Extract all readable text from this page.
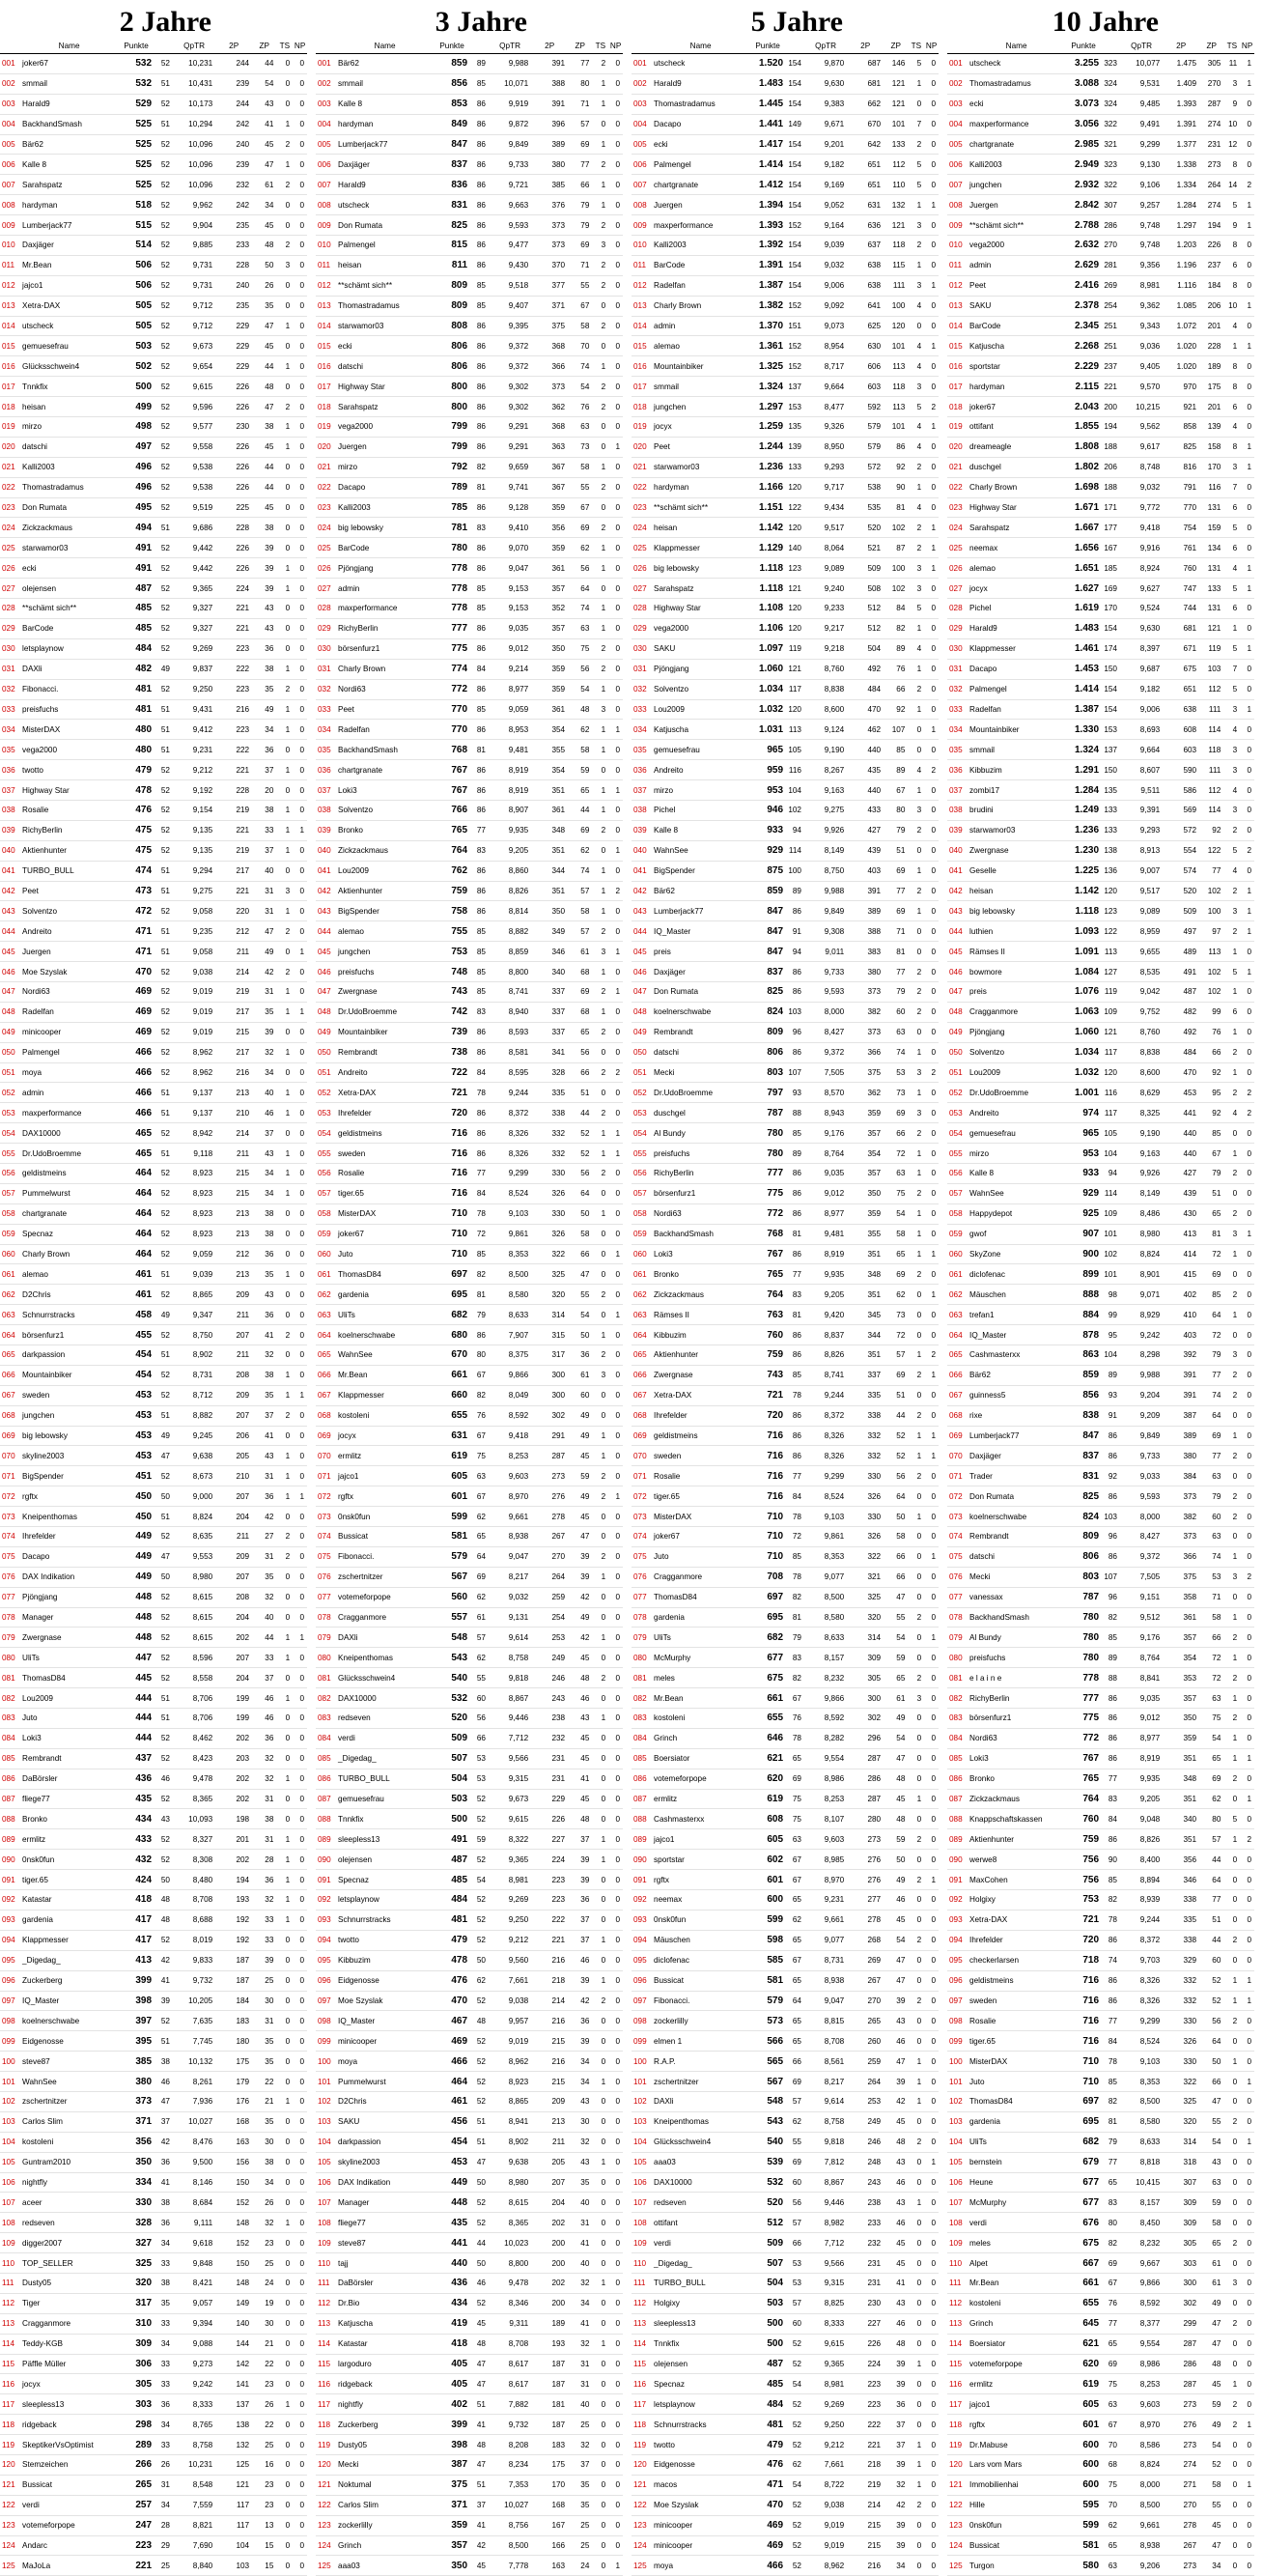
2 Jahre
	Name	Punkte		QpTR	2P	ZP	TS	NP
001	joker67	532	52	10,231	244	44	0	0
002	smmail	532	51	10,431	239	54	0	0
003	Harald9	529	52	10,173	244	43	0	0
004	BackhandSmash	525	51	10,294	242	41	1	0
005	Bär62	525	52	10,096	240	45	2	0
006	Kalle 8	525	52	10,096	239	47	1	0
007	Sarahspatz	525	52	10,096	232	61	2	0
008	hardyman	518	52	9,962	242	34	0	0
009	Lumberjack77	515	52	9,904	235	45	0	0
010	Daxjäger	514	52	9,885	233	48	2	0
011	Mr.Bean	506	52	9,731	228	50	3	0
012	jajco1	506	52	9,731	240	26	0	0
013	Xetra-DAX	505	52	9,712	235	35	0	0
014	utscheck	505	52	9,712	229	47	1	0
015	gemuesefrau	503	52	9,673	229	45	0	0
016	Glücksschwein4	502	52	9,654	229	44	1	0
017	Tnnkfix	500	52	9,615	226	48	0	0
018	heisan	499	52	9,596	226	47	2	0
019	mirzo	498	52	9,577	230	38	1	0
020	datschi	497	52	9,558	226	45	1	0
021	Kalli2003	496	52	9,538	226	44	0	0
022	Thomastradamus	496	52	9,538	226	44	0	0
023	Don Rumata	495	52	9,519	225	45	0	0
024	Zickzackmaus	494	51	9,686	228	38	0	0
025	starwamor03	491	52	9,442	226	39	0	0
026	ecki	491	52	9,442	226	39	1	0
027	olejensen	487	52	9,365	224	39	1	0
028	**schämt sich**	485	52	9,327	221	43	0	0
029	BarCode	485	52	9,327	221	43	0	0
030	letsplaynow	484	52	9,269	223	36	0	0
031	DAXli	482	49	9,837	222	38	1	0
032	Fibonacci.	481	52	9,250	223	35	2	0
033	preisfuchs	481	51	9,431	216	49	1	0
034	MisterDAX	480	51	9,412	223	34	1	0
035	vega2000	480	51	9,231	222	36	0	0
036	twotto	479	52	9,212	221	37	1	0
037	Highway Star	478	52	9,192	228	20	0	0
038	Rosalie	476	52	9,154	219	38	1	0
039	RichyBerlin	475	52	9,135	221	33	1	1
040	Aktienhunter	475	52	9,135	219	37	1	0
041	TURBO_BULL	474	51	9,294	217	40	0	0
042	Peet	473	51	9,275	221	31	3	0
043	Solventzo	472	52	9,058	220	31	1	0
044	Andreito	471	51	9,235	212	47	2	0
045	Juergen	471	51	9,058	211	49	0	1
046	Moe Szyslak	470	52	9,038	214	42	2	0
047	Nordi63	469	52	9,019	219	31	1	0
048	Radelfan	469	52	9,019	217	35	1	1
049	minicooper	469	52	9,019	215	39	0	0
050	Palmengel	466	52	8,962	217	32	1	0
051	moya	466	52	8,962	216	34	0	0
052	admin	466	51	9,137	213	40	1	0
053	maxperformance	466	51	9,137	210	46	1	0
054	DAX10000	465	52	8,942	214	37	0	0
055	Dr.UdoBroemme	465	51	9,118	211	43	1	0
056	geldistmeins	464	52	8,923	215	34	1	0
057	Pummelwurst	464	52	8,923	215	34	1	0
058	chartgranate	464	52	8,923	213	38	0	0
059	Specnaz	464	52	8,923	213	38	0	0
060	Charly Brown	464	52	9,059	212	36	0	0
061	alemao	461	51	9,039	213	35	1	0
062	D2Chris	461	52	8,865	209	43	0	0
063	Schnurrstracks	458	49	9,347	211	36	0	0
064	börsenfurz1	455	52	8,750	207	41	2	0
065	darkpassion	454	51	8,902	211	32	0	0
066	Mountainbiker	454	52	8,731	208	38	1	0
067	sweden	453	52	8,712	209	35	1	1
068	jungchen	453	51	8,882	207	37	2	0
069	big lebowsky	453	49	9,245	206	41	0	0
070	skyline2003	453	47	9,638	205	43	1	0
071	BigSpender	451	52	8,673	210	31	1	0
072	rgftx	450	50	9,000	207	36	1	1
073	Kneipenthomas	450	51	8,824	204	42	0	0
074	Ihrefelder	449	52	8,635	211	27	2	0
075	Dacapo	449	47	9,553	209	31	2	0
076	DAX Indikation	449	50	8,980	207	35	0	0
077	Pjöngjang	448	52	8,615	208	32	0	0
078	Manager	448	52	8,615	204	40	0	0
079	Zwergnase	448	52	8,615	202	44	1	1
080	UliTs	447	52	8,596	207	33	1	0
081	ThomasD84	445	52	8,558	204	37	0	0
082	Lou2009	444	51	8,706	199	46	1	0
083	Juto	444	51	8,706	199	46	0	0
084	Loki3	444	52	8,462	202	36	0	0
085	Rembrandt	437	52	8,423	203	32	0	0
086	DaBörsler	436	46	9,478	202	32	1	0
087	fliege77	435	52	8,365	202	31	0	0
088	Bronko	434	43	10,093	198	38	0	0
089	ermlitz	433	52	8,327	201	31	1	0
090	0nsk0fun	432	52	8,308	202	28	1	0
091	tiger.65	424	50	8,480	194	36	1	0
092	Katastar	418	48	8,708	193	32	1	0
093	gardenia	417	48	8,688	192	33	1	0
094	Klappmesser	417	52	8,019	192	33	0	0
095	_Digedag_	413	42	9,833	187	39	0	0
096	Zuckerberg	399	41	9,732	187	25	0	0
097	IQ_Master	398	39	10,205	184	30	0	0
098	koelnerschwabe	397	52	7,635	183	31	0	0
099	Eidgenosse	395	51	7,745	180	35	0	0
100	steve87	385	38	10,132	175	35	0	0
101	WahnSee	380	46	8,261	179	22	0	0
102	zschertnitzer	373	47	7,936	176	21	1	0
103	Carlos Slim	371	37	10,027	168	35	0	0
104	kostoleni	356	42	8,476	163	30	0	0
105	Guntram2010	350	36	9,500	156	38	0	0
106	nightfly	334	41	8,146	150	34	0	0
107	aceer	330	38	8,684	152	26	0	0
108	redseven	328	36	9,111	148	32	1	0
109	digger2007	327	34	9,618	152	23	0	0
110	TOP_SELLER	325	33	9,848	150	25	0	0
111	Dusty05	320	38	8,421	148	24	0	0
112	Tiger	317	35	9,057	149	19	0	0
113	Cragganmore	310	33	9,394	140	30	0	0
114	Teddy-KGB	309	34	9,088	144	21	0	0
115	Päffle Müller	306	33	9,273	142	22	0	0
116	jocyx	305	33	9,242	141	23	0	0
117	sleepless13	303	36	8,333	137	26	1	0
118	ridgeback	298	34	8,765	138	22	0	0
119	SkeptikerVsOptimist	289	33	8,758	132	25	0	0
120	Stemzeichen	266	26	10,231	125	16	0	0
121	Bussicat	265	31	8,548	121	23	0	0
122	verdi	257	34	7,559	117	23	0	0
123	votemeforpope	247	28	8,821	117	13	0	0
124	Andarc	223	29	7,690	104	15	0	0
125	MaJoLa	221	25	8,840	103	15	0	0
3 Jahre
	Name	Punkte		QpTR	2P	ZP	TS	NP
001	Bär62	859	89	9,988	391	77	2	0
002	smmail	856	85	10,071	388	80	1	0
003	Kalle 8	853	86	9,919	391	71	1	0
004	hardyman	849	86	9,872	396	57	0	0
005	Lumberjack77	847	86	9,849	389	69	1	0
006	Daxjäger	837	86	9,733	380	77	2	0
007	Harald9	836	86	9,721	385	66	1	0
008	utscheck	831	86	9,663	376	79	1	0
009	Don Rumata	825	86	9,593	373	79	2	0
010	Palmengel	815	86	9,477	373	69	3	0
011	heisan	811	86	9,430	370	71	2	0
012	**schämt sich**	809	85	9,518	377	55	2	0
013	Thomastradamus	809	85	9,407	371	67	0	0
014	starwamor03	808	86	9,395	375	58	2	0
015	ecki	806	86	9,372	368	70	0	0
016	datschi	806	86	9,372	366	74	1	0
017	Highway Star	800	86	9,302	373	54	2	0
018	Sarahspatz	800	86	9,302	362	76	2	0
019	vega2000	799	86	9,291	368	63	0	0
020	Juergen	799	86	9,291	363	73	0	1
021	mirzo	792	82	9,659	367	58	1	0
022	Dacapo	789	81	9,741	367	55	2	0
023	Kalli2003	785	86	9,128	359	67	0	0
024	big lebowsky	781	83	9,410	356	69	2	0
025	BarCode	780	86	9,070	359	62	1	0
026	Pjöngjang	778	86	9,047	361	56	1	0
027	admin	778	85	9,153	357	64	0	0
028	maxperformance	778	85	9,153	352	74	1	0
029	RichyBerlin	777	86	9,035	357	63	1	0
030	börsenfurz1	775	86	9,012	350	75	2	0
031	Charly Brown	774	84	9,214	359	56	2	0
032	Nordi63	772	86	8,977	359	54	1	0
033	Peet	770	85	9,059	361	48	3	0
034	Radelfan	770	86	8,953	354	62	1	1
035	BackhandSmash	768	81	9,481	355	58	1	0
036	chartgranate	767	86	8,919	354	59	0	0
037	Loki3	767	86	8,919	351	65	1	1
038	Solventzo	766	86	8,907	361	44	1	0
039	Bronko	765	77	9,935	348	69	2	0
040	Zickzackmaus	764	83	9,205	351	62	0	1
041	Lou2009	762	86	8,860	344	74	1	0
042	Aktienhunter	759	86	8,826	351	57	1	2
043	BigSpender	758	86	8,814	350	58	1	0
044	alemao	755	85	8,882	349	57	2	0
045	jungchen	753	85	8,859	346	61	3	1
046	preisfuchs	748	85	8,800	340	68	1	0
047	Zwergnase	743	85	8,741	337	69	2	1
048	Dr.UdoBroemme	742	83	8,940	337	68	1	0
049	Mountainbiker	739	86	8,593	337	65	2	0
050	Rembrandt	738	86	8,581	341	56	0	0
051	Andreito	722	84	8,595	328	66	2	2
052	Xetra-DAX	721	78	9,244	335	51	0	0
053	Ihrefelder	720	86	8,372	338	44	2	0
054	geldistmeins	716	86	8,326	332	52	1	1
055	sweden	716	86	8,326	332	52	1	1
056	Rosalie	716	77	9,299	330	56	2	0
057	tiger.65	716	84	8,524	326	64	0	0
058	MisterDAX	710	78	9,103	330	50	1	0
059	joker67	710	72	9,861	326	58	0	0
060	Juto	710	85	8,353	322	66	0	1
061	ThomasD84	697	82	8,500	325	47	0	0
062	gardenia	695	81	8,580	320	55	2	0
063	UliTs	682	79	8,633	314	54	0	1
064	koelnerschwabe	680	86	7,907	315	50	1	0
065	WahnSee	670	80	8,375	317	36	2	0
066	Mr.Bean	661	67	9,866	300	61	3	0
067	Klappmesser	660	82	8,049	300	60	0	0
068	kostoleni	655	76	8,592	302	49	0	0
069	jocyx	631	67	9,418	291	49	1	0
070	ermlitz	619	75	8,253	287	45	1	0
071	jajco1	605	63	9,603	273	59	2	0
072	rgftx	601	67	8,970	276	49	2	1
073	0nsk0fun	599	62	9,661	278	45	0	0
074	Bussicat	581	65	8,938	267	47	0	0
075	Fibonacci.	579	64	9,047	270	39	2	0
076	zschertnitzer	567	69	8,217	264	39	1	0
077	votemeforpope	560	62	9,032	259	42	0	0
078	Cragganmore	557	61	9,131	254	49	0	0
079	DAXli	548	57	9,614	253	42	1	0
080	Kneipenthomas	543	62	8,758	249	45	0	0
081	Glücksschwein4	540	55	9,818	246	48	2	0
082	DAX10000	532	60	8,867	243	46	0	0
083	redseven	520	56	9,446	238	43	1	0
084	verdi	509	66	7,712	232	45	0	0
085	_Digedag_	507	53	9,566	231	45	0	0
086	TURBO_BULL	504	53	9,315	231	41	0	0
087	gemuesefrau	503	52	9,673	229	45	0	0
088	Tnnkfix	500	52	9,615	226	48	0	0
089	sleepless13	491	59	8,322	227	37	1	0
090	olejensen	487	52	9,365	224	39	1	0
091	Specnaz	485	54	8,981	223	39	0	0
092	letsplaynow	484	52	9,269	223	36	0	0
093	Schnurrstracks	481	52	9,250	222	37	0	0
094	twotto	479	52	9,212	221	37	1	0
095	Kibbuzim	478	50	9,560	216	46	0	0
096	Eidgenosse	476	62	7,661	218	39	1	0
097	Moe Szyslak	470	52	9,038	214	42	2	0
098	IQ_Master	467	48	9,957	216	36	0	0
099	minicooper	469	52	9,019	215	39	0	0
100	moya	466	52	8,962	216	34	0	0
101	Pummelwurst	464	52	8,923	215	34	1	0
102	D2Chris	461	52	8,865	209	43	0	0
103	SAKU	456	51	8,941	213	30	0	0
104	darkpassion	454	51	8,902	211	32	0	0
105	skyline2003	453	47	9,638	205	43	1	0
106	DAX Indikation	449	50	8,980	207	35	0	0
107	Manager	448	52	8,615	204	40	0	0
108	fliege77	435	52	8,365	202	31	0	0
109	steve87	441	44	10,023	200	41	0	0
110	tajj	440	50	8,800	200	40	0	0
111	DaBörsler	436	46	9,478	202	32	1	0
112	Dr.Bio	434	52	8,346	200	34	0	0
113	Katjuscha	419	45	9,311	189	41	0	0
114	Katastar	418	48	8,708	193	32	1	0
115	largoduro	405	47	8,617	187	31	0	0
116	ridgeback	405	47	8,617	187	31	0	0
117	nightfly	402	51	7,882	181	40	0	0
118	Zuckerberg	399	41	9,732	187	25	0	0
119	Dusty05	398	48	8,208	183	32	0	0
120	Mecki	387	47	8,234	175	37	0	0
121	Noktumal	375	51	7,353	170	35	0	0
122	Carlos Slim	371	37	10,027	168	35	0	0
123	zockerlilly	359	41	8,756	167	25	0	0
124	Grinch	357	42	8,500	166	25	0	0
125	aaa03	350	45	7,778	163	24	0	1
5 Jahre
	Name	Punkte		QpTR	2P	ZP	TS	NP
001	utscheck	1.520	154	9,870	687	146	5	0
002	Harald9	1.483	154	9,630	681	121	1	0
003	Thomastradamus	1.445	154	9,383	662	121	0	0
004	Dacapo	1.441	149	9,671	670	101	7	0
005	ecki	1.417	154	9,201	642	133	2	0
006	Palmengel	1.414	154	9,182	651	112	5	0
007	chartgranate	1.412	154	9,169	651	110	5	0
008	Juergen	1.394	154	9,052	631	132	1	1
009	maxperformance	1.393	152	9,164	636	121	3	0
010	Kalli2003	1.392	154	9,039	637	118	2	0
011	BarCode	1.391	154	9,032	638	115	1	0
012	Radelfan	1.387	154	9,006	638	111	3	1
013	Charly Brown	1.382	152	9,092	641	100	4	0
014	admin	1.370	151	9,073	625	120	0	0
015	alemao	1.361	152	8,954	630	101	4	1
016	Mountainbiker	1.325	152	8,717	606	113	4	0
017	smmail	1.324	137	9,664	603	118	3	0
018	jungchen	1.297	153	8,477	592	113	5	2
019	jocyx	1.259	135	9,326	579	101	4	1
020	Peet	1.244	139	8,950	579	86	4	0
021	starwamor03	1.236	133	9,293	572	92	2	0
022	hardyman	1.166	120	9,717	538	90	1	0
023	**schämt sich**	1.151	122	9,434	535	81	4	0
024	heisan	1.142	120	9,517	520	102	2	1
025	Klappmesser	1.129	140	8,064	521	87	2	1
026	big lebowsky	1.118	123	9,089	509	100	3	1
027	Sarahspatz	1.118	121	9,240	508	102	3	0
028	Highway Star	1.108	120	9,233	512	84	5	0
029	vega2000	1.106	120	9,217	512	82	1	0
030	SAKU	1.097	119	9,218	504	89	4	0
031	Pjöngjang	1.060	121	8,760	492	76	1	0
032	Solventzo	1.034	117	8,838	484	66	2	0
033	Lou2009	1.032	120	8,600	470	92	1	0
034	Katjuscha	1.031	113	9,124	462	107	0	1
035	gemuesefrau	965	105	9,190	440	85	0	0
036	Andreito	959	116	8,267	435	89	4	2
037	mirzo	953	104	9,163	440	67	1	0
038	Pichel	946	102	9,275	433	80	3	0
039	Kalle 8	933	94	9,926	427	79	2	0
040	WahnSee	929	114	8,149	439	51	0	0
041	BigSpender	875	100	8,750	403	69	1	0
042	Bär62	859	89	9,988	391	77	2	0
043	Lumberjack77	847	86	9,849	389	69	1	0
044	IQ_Master	847	91	9,308	388	71	0	0
045	preis	847	94	9,011	383	81	0	0
046	Daxjäger	837	86	9,733	380	77	2	0
047	Don Rumata	825	86	9,593	373	79	2	0
048	koelnerschwabe	824	103	8,000	382	60	2	0
049	Rembrandt	809	96	8,427	373	63	0	0
050	datschi	806	86	9,372	366	74	1	0
051	Mecki	803	107	7,505	375	53	3	2
052	Dr.UdoBroemme	797	93	8,570	362	73	1	0
053	duschgel	787	88	8,943	359	69	3	0
054	Al Bundy	780	85	9,176	357	66	2	0
055	preisfuchs	780	89	8,764	354	72	1	0
056	RichyBerlin	777	86	9,035	357	63	1	0
057	börsenfurz1	775	86	9,012	350	75	2	0
058	Nordi63	772	86	8,977	359	54	1	0
059	BackhandSmash	768	81	9,481	355	58	1	0
060	Loki3	767	86	8,919	351	65	1	1
061	Bronko	765	77	9,935	348	69	2	0
062	Zickzackmaus	764	83	9,205	351	62	0	1
063	Rämses II	763	81	9,420	345	73	0	0
064	Kibbuzim	760	86	8,837	344	72	0	0
065	Aktienhunter	759	86	8,826	351	57	1	2
066	Zwergnase	743	85	8,741	337	69	2	1
067	Xetra-DAX	721	78	9,244	335	51	0	0
068	Ihrefelder	720	86	8,372	338	44	2	0
069	geldistmeins	716	86	8,326	332	52	1	1
070	sweden	716	86	8,326	332	52	1	1
071	Rosalie	716	77	9,299	330	56	2	0
072	tiger.65	716	84	8,524	326	64	0	0
073	MisterDAX	710	78	9,103	330	50	1	0
074	joker67	710	72	9,861	326	58	0	0
075	Juto	710	85	8,353	322	66	0	1
076	Cragganmore	708	78	9,077	321	66	0	0
077	ThomasD84	697	82	8,500	325	47	0	0
078	gardenia	695	81	8,580	320	55	2	0
079	UliTs	682	79	8,633	314	54	0	1
080	McMurphy	677	83	8,157	309	59	0	0
081	meles	675	82	8,232	305	65	2	0
082	Mr.Bean	661	67	9,866	300	61	3	0
083	kostoleni	655	76	8,592	302	49	0	0
084	Grinch	646	78	8,282	296	54	0	0
085	Boersiator	621	65	9,554	287	47	0	0
086	votemeforpope	620	69	8,986	286	48	0	0
087	ermlitz	619	75	8,253	287	45	1	0
088	Cashmasterxx	608	75	8,107	280	48	0	0
089	jajco1	605	63	9,603	273	59	2	0
090	sportstar	602	67	8,985	276	50	0	0
091	rgftx	601	67	8,970	276	49	2	1
092	neemax	600	65	9,231	277	46	0	0
093	0nsk0fun	599	62	9,661	278	45	0	0
094	Mäuschen	598	65	9,077	268	54	2	0
095	diclofenac	585	67	8,731	269	47	0	0
096	Bussicat	581	65	8,938	267	47	0	0
097	Fibonacci.	579	64	9,047	270	39	2	0
098	zockerlilly	573	65	8,815	265	43	0	0
099	elmen 1	566	65	8,708	260	46	0	0
100	R.A.P.	565	66	8,561	259	47	1	0
101	zschertnitzer	567	69	8,217	264	39	1	0
102	DAXli	548	57	9,614	253	42	1	0
103	Kneipenthomas	543	62	8,758	249	45	0	0
104	Glücksschwein4	540	55	9,818	246	48	2	0
105	aaa03	539	69	7,812	248	43	0	1
106	DAX10000	532	60	8,867	243	46	0	0
107	redseven	520	56	9,446	238	43	1	0
108	ottifant	512	57	8,982	233	46	0	0
109	verdi	509	66	7,712	232	45	0	0
110	_Digedag_	507	53	9,566	231	45	0	0
111	TURBO_BULL	504	53	9,315	231	41	0	0
112	Holgixy	503	57	8,825	230	43	0	0
113	sleepless13	500	60	8,333	227	46	0	0
114	Tnnkfix	500	52	9,615	226	48	0	0
115	olejensen	487	52	9,365	224	39	1	0
116	Specnaz	485	54	8,981	223	39	0	0
117	letsplaynow	484	52	9,269	223	36	0	0
118	Schnurrstracks	481	52	9,250	222	37	0	0
119	twotto	479	52	9,212	221	37	1	0
120	Eidgenosse	476	62	7,661	218	39	1	0
121	macos	471	54	8,722	219	32	1	0
122	Moe Szyslak	470	52	9,038	214	42	2	0
123	minicooper	469	52	9,019	215	39	0	0
124	minicooper	469	52	9,019	215	39	0	0
125	moya	466	52	8,962	216	34	0	0
10 Jahre
	Name	Punkte		QpTR	2P	ZP	TS	NP
001	utscheck	3.255	323	10,077	1.475	305	11	1
002	Thomastradamus	3.088	324	9,531	1.409	270	3	1
003	ecki	3.073	324	9,485	1.393	287	9	0
004	maxperformance	3.056	322	9,491	1.391	274	10	0
005	chartgranate	2.985	321	9,299	1.377	231	12	0
006	Kalli2003	2.949	323	9,130	1.338	273	8	0
007	jungchen	2.932	322	9,106	1.334	264	14	2
008	Juergen	2.842	307	9,257	1.284	274	5	1
009	**schämt sich**	2.788	286	9,748	1.297	194	9	1
010	vega2000	2.632	270	9,748	1.203	226	8	0
011	admin	2.629	281	9,356	1.196	237	6	0
012	Peet	2.416	269	8,981	1.116	184	8	0
013	SAKU	2.378	254	9,362	1.085	206	10	1
014	BarCode	2.345	251	9,343	1.072	201	4	0
015	Katjuscha	2.268	251	9,036	1.020	228	1	1
016	sportstar	2.229	237	9,405	1.020	189	8	0
017	hardyman	2.115	221	9,570	970	175	8	0
018	joker67	2.043	200	10,215	921	201	6	0
019	ottifant	1.855	194	9,562	858	139	4	0
020	dreameagle	1.808	188	9,617	825	158	8	1
021	duschgel	1.802	206	8,748	816	170	3	1
022	Charly Brown	1.698	188	9,032	791	116	7	0
023	Highway Star	1.671	171	9,772	770	131	6	0
024	Sarahspatz	1.667	177	9,418	754	159	5	0
025	neemax	1.656	167	9,916	761	134	6	0
026	alemao	1.651	185	8,924	760	131	4	1
027	jocyx	1.627	169	9,627	747	133	5	1
028	Pichel	1.619	170	9,524	744	131	6	0
029	Harald9	1.483	154	9,630	681	121	1	0
030	Klappmesser	1.461	174	8,397	671	119	5	1
031	Dacapo	1.453	150	9,687	675	103	7	0
032	Palmengel	1.414	154	9,182	651	112	5	0
033	Radelfan	1.387	154	9,006	638	111	3	1
034	Mountainbiker	1.330	153	8,693	608	114	4	0
035	smmail	1.324	137	9,664	603	118	3	0
036	Kibbuzim	1.291	150	8,607	590	111	3	0
037	zombi17	1.284	135	9,511	586	112	4	0
038	brudini	1.249	133	9,391	569	114	3	0
039	starwamor03	1.236	133	9,293	572	92	2	0
040	Zwergnase	1.230	138	8,913	554	122	5	2
041	Geselle	1.225	136	9,007	574	77	4	0
042	heisan	1.142	120	9,517	520	102	2	1
043	big lebowsky	1.118	123	9,089	509	100	3	1
044	luthien	1.093	122	8,959	497	97	2	1
045	Rämses II	1.091	113	9,655	489	113	1	0
046	bowmore	1.084	127	8,535	491	102	5	1
047	preis	1.076	119	9,042	487	102	1	0
048	Cragganmore	1.063	109	9,752	482	99	6	0
049	Pjöngjang	1.060	121	8,760	492	76	1	0
050	Solventzo	1.034	117	8,838	484	66	2	0
051	Lou2009	1.032	120	8,600	470	92	1	0
052	Dr.UdoBroemme	1.001	116	8,629	453	95	2	2
053	Andreito	974	117	8,325	441	92	4	2
054	gemuesefrau	965	105	9,190	440	85	0	0
055	mirzo	953	104	9,163	440	67	1	0
056	Kalle 8	933	94	9,926	427	79	2	0
057	WahnSee	929	114	8,149	439	51	0	0
058	Happydepot	925	109	8,486	430	65	2	0
059	gwof	907	101	8,980	413	81	3	1
060	SkyZone	900	102	8,824	414	72	1	0
061	diclofenac	899	101	8,901	415	69	0	0
062	Mäuschen	888	98	9,071	402	85	2	0
063	trefan1	884	99	8,929	410	64	1	0
064	IQ_Master	878	95	9,242	403	72	0	0
065	Cashmasterxx	863	104	8,298	392	79	3	0
066	Bär62	859	89	9,988	391	77	2	0
067	guinness5	856	93	9,204	391	74	2	0
068	rixe	838	91	9,209	387	64	0	0
069	Lumberjack77	847	86	9,849	389	69	1	0
070	Daxjäger	837	86	9,733	380	77	2	0
071	Trader	831	92	9,033	384	63	0	0
072	Don Rumata	825	86	9,593	373	79	2	0
073	koelnerschwabe	824	103	8,000	382	60	2	0
074	Rembrandt	809	96	8,427	373	63	0	0
075	datschi	806	86	9,372	366	74	1	0
076	Mecki	803	107	7,505	375	53	3	2
077	vanessax	787	96	9,151	358	71	0	0
078	BackhandSmash	780	82	9,512	361	58	1	0
079	Al Bundy	780	85	9,176	357	66	2	0
080	preisfuchs	780	89	8,764	354	72	1	0
081	e l a i n e	778	88	8,841	353	72	2	0
082	RichyBerlin	777	86	9,035	357	63	1	0
083	börsenfurz1	775	86	9,012	350	75	2	0
084	Nordi63	772	86	8,977	359	54	1	0
085	Loki3	767	86	8,919	351	65	1	1
086	Bronko	765	77	9,935	348	69	2	0
087	Zickzackmaus	764	83	9,205	351	62	0	1
088	Knappschaftskassen	760	84	9,048	340	80	5	0
089	Aktienhunter	759	86	8,826	351	57	1	2
090	werwe8	756	90	8,400	356	44	0	0
091	MaxCohen	756	85	8,894	346	64	0	0
092	Holgixy	753	82	8,939	338	77	0	0
093	Xetra-DAX	721	78	9,244	335	51	0	0
094	Ihrefelder	720	86	8,372	338	44	2	0
095	checkerlarsen	718	74	9,703	329	60	0	0
096	geldistmeins	716	86	8,326	332	52	1	1
097	sweden	716	86	8,326	332	52	1	1
098	Rosalie	716	77	9,299	330	56	2	0
099	tiger.65	716	84	8,524	326	64	0	0
100	MisterDAX	710	78	9,103	330	50	1	0
101	Juto	710	85	8,353	322	66	0	1
102	ThomasD84	697	82	8,500	325	47	0	0
103	gardenia	695	81	8,580	320	55	2	0
104	UliTs	682	79	8,633	314	54	0	1
105	bernstein	679	77	8,818	318	43	0	0
106	Heune	677	65	10,415	307	63	0	0
107	McMurphy	677	83	8,157	309	59	0	0
108	verdi	676	80	8,450	309	58	0	0
109	meles	675	82	8,232	305	65	2	0
110	Alpet	667	69	9,667	303	61	0	0
111	Mr.Bean	661	67	9,866	300	61	3	0
112	kostoleni	655	76	8,592	302	49	0	0
113	Grinch	645	77	8,377	299	47	2	0
114	Boersiator	621	65	9,554	287	47	0	0
115	votemeforpope	620	69	8,986	286	48	0	0
116	ermlitz	619	75	8,253	287	45	1	0
117	jajco1	605	63	9,603	273	59	2	0
118	rgftx	601	67	8,970	276	49	2	1
119	Dr.Mabuse	600	70	8,586	273	54	0	0
120	Lars vom Mars	600	68	8,824	274	52	0	0
121	Immobilienhai	600	75	8,000	271	58	0	1
122	Hille	595	70	8,500	270	55	0	0
123	0nsk0fun	599	62	9,661	278	45	0	0
124	Bussicat	581	65	8,938	267	47	0	0
125	Turgon	580	63	9,206	273	34	0	0
